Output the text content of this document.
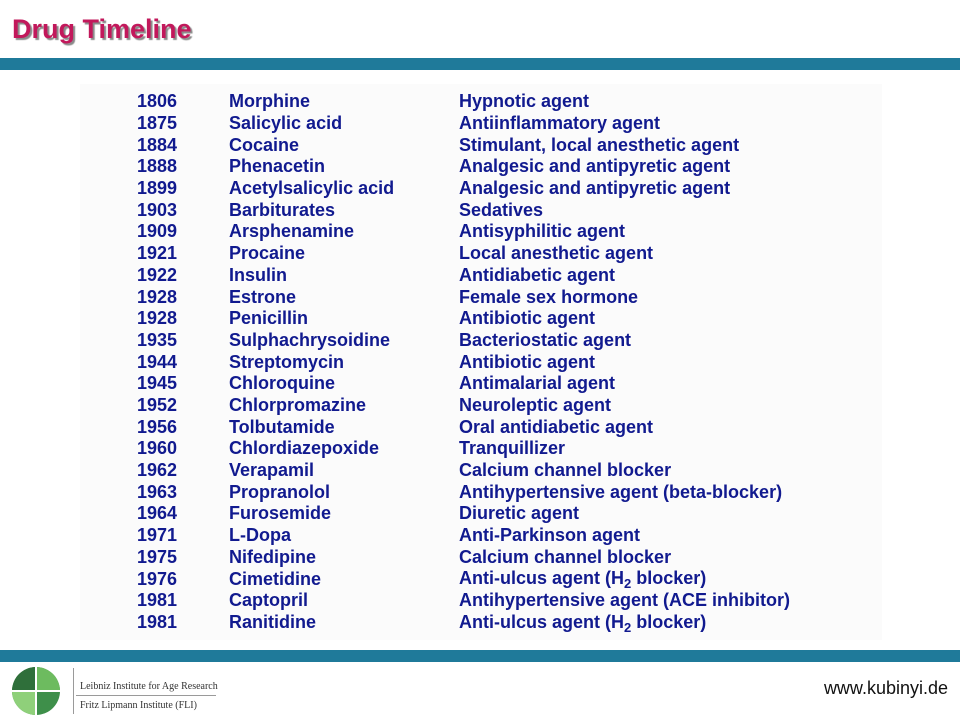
Drug Timeline
1806	Morphine	Hypnotic agent
1875	Salicylic acid	Antiinflammatory agent
1884	Cocaine	Stimulant, local anesthetic agent
1888	Phenacetin	Analgesic and antipyretic agent
1899	Acetylsalicylic acid	Analgesic and antipyretic agent
1903	Barbiturates	Sedatives
1909	Arsphenamine	Antisyphilitic agent
1921	Procaine	Local anesthetic agent
1922	Insulin	Antidiabetic agent
1928	Estrone	Female sex hormone
1928	Penicillin	Antibiotic agent
1935	Sulphachrysoidine	Bacteriostatic agent
1944	Streptomycin	Antibiotic agent
1945	Chloroquine	Antimalarial agent
1952	Chlorpromazine	Neuroleptic agent
1956	Tolbutamide	Oral antidiabetic agent
1960	Chlordiazepoxide	Tranquillizer
1962	Verapamil	Calcium channel blocker
1963	Propranolol	Antihypertensive agent (beta-blocker)
1964	Furosemide	Diuretic agent
1971	L-Dopa	Anti-Parkinson agent
1975	Nifedipine	Calcium channel blocker
1976	Cimetidine	Anti-ulcus agent ($H_2$ blocker)
1981	Captopril	Antihypertensive agent (ACE inhibitor)
1981	Ranitidine	Anti-ulcus agent ($H_2$ blocker)
Leibniz Institute for Age Research
Fritz Lipmann Institute (FLI)
www.kubinyi.de
